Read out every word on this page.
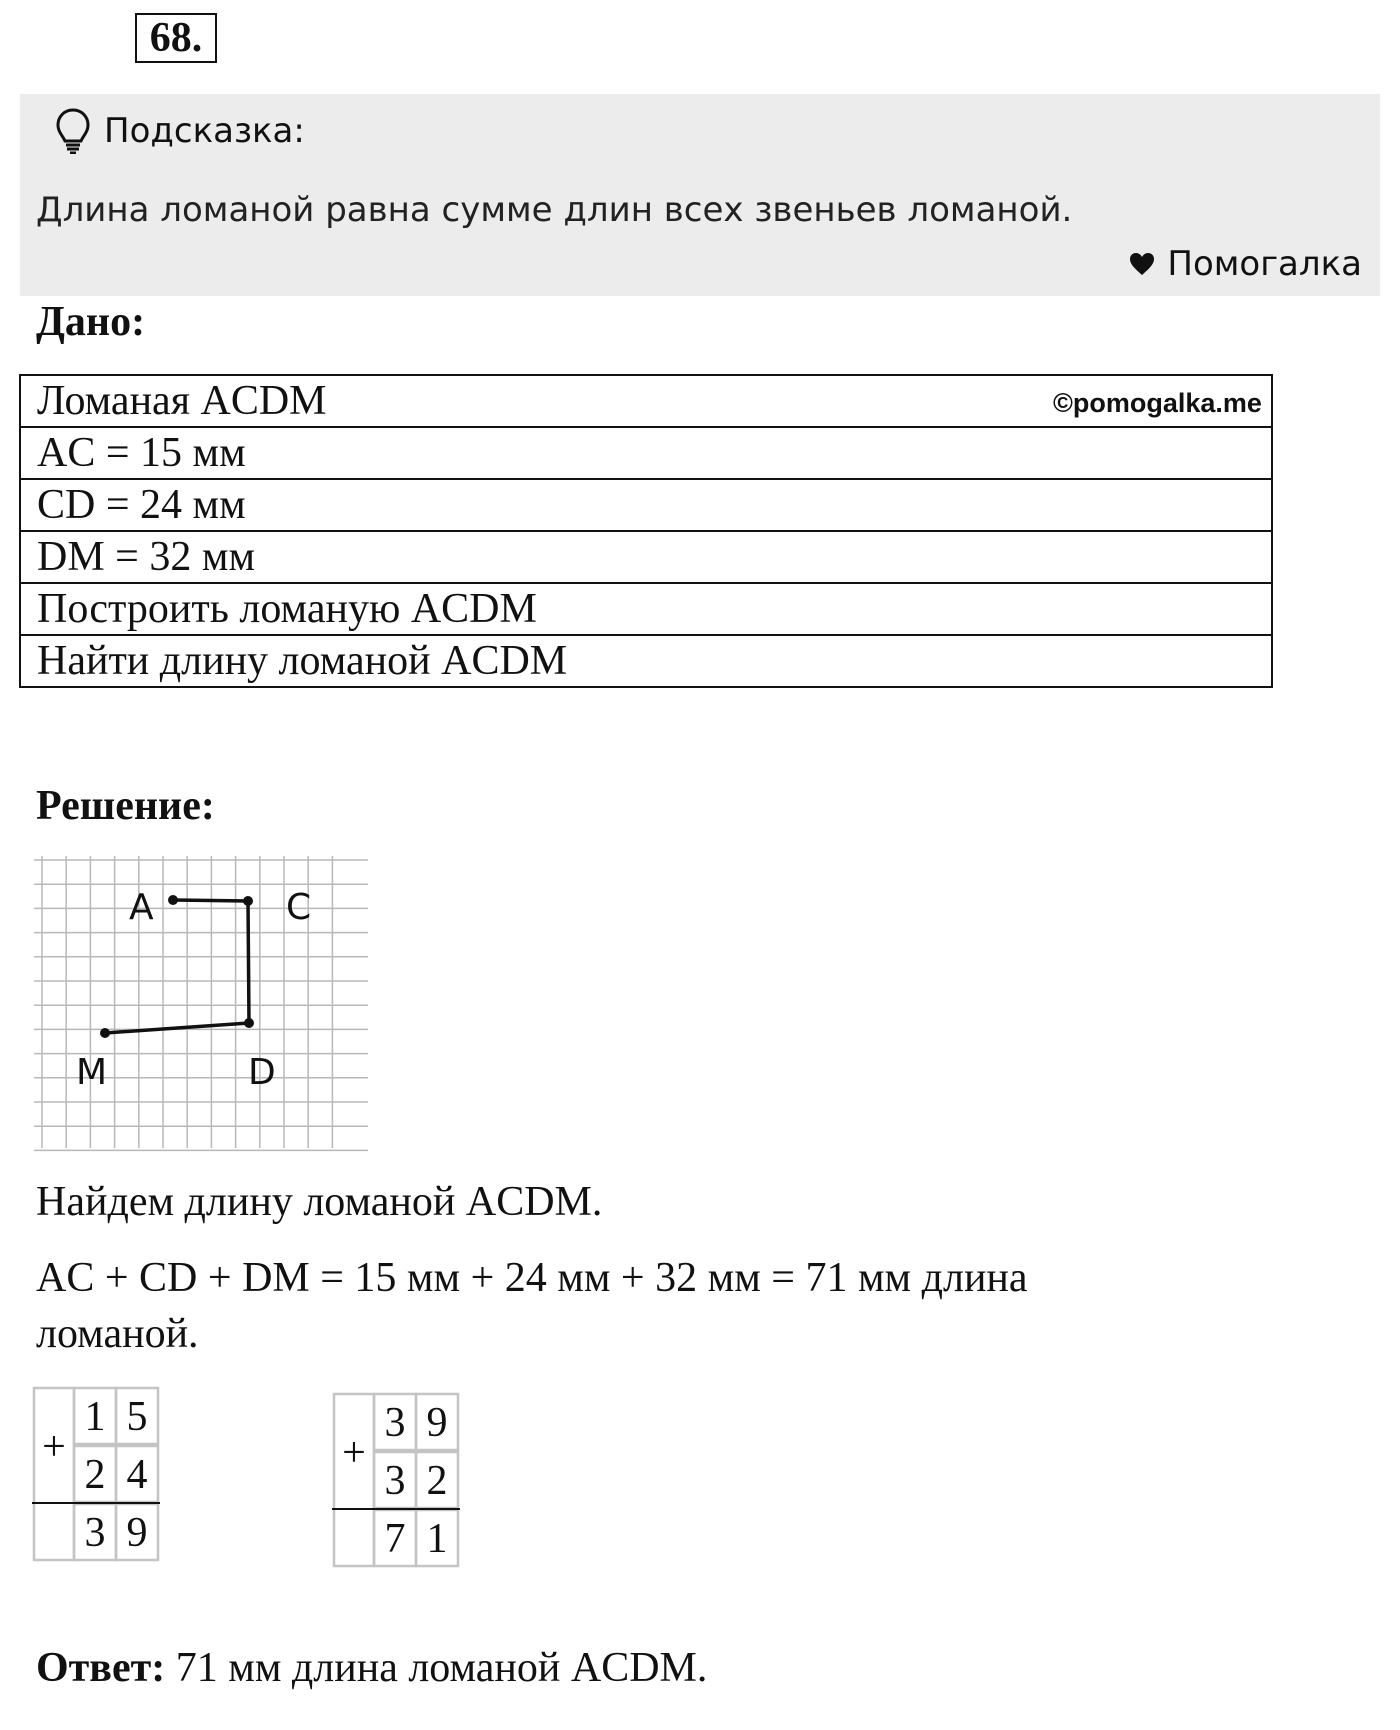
68.
Подсказка:
Длина ломаной равна сумме длин всех звеньев ломаной.
Помогалка
Дано:
Ломаная ACDM
AC = 15 мм
CD = 24 мм
DM = 32 мм
Построить ломаную ACDM
Найти длину ломаной ACDM
©pomogalka.me
Решение:
A	C
M	D
Найдем длину ломаной ACDM.
AC + CD + DM = 15 мм + 24 мм + 32 мм = 71 мм длина
ломаной.
+
1 5
2 4
3 9
+
3 9
3 2
7 1
Ответ: 71 мм длина ломаной ACDM.
